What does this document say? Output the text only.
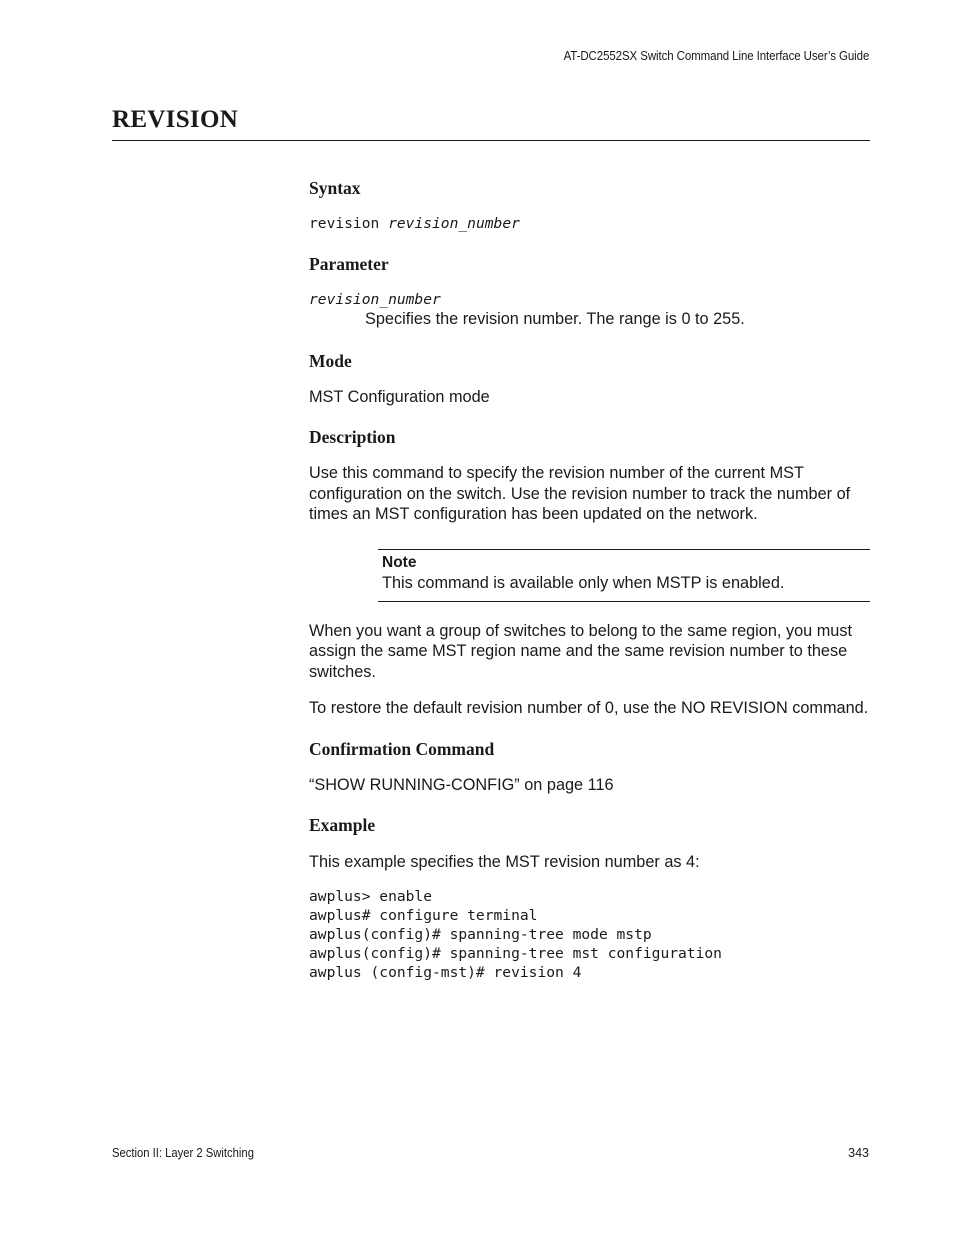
AT-DC2552SX Switch Command Line Interface User’s Guide
REVISION

Syntax

revision revision_number

Parameter

revision_number

Specifies the revision number. The range is 0 to 255.

Mode

MST Configuration mode

Description

Use this command to specify the revision number of the current MST configuration on the switch. Use the revision number to track the number of times an MST configuration has been updated on the network.

Note
This command is available only when MSTP is enabled.

When you want a group of switches to belong to the same region, you must assign the same MST region name and the same revision number to these switches.

To restore the default revision number of 0, use the NO REVISION command.

Confirmation Command

“SHOW RUNNING-CONFIG” on page 116

Example

This example specifies the MST revision number as 4:

awplus> enable

awplus# configure terminal

awplus(config)# spanning-tree mode mstp

awplus(config)# spanning-tree mst configuration

awplus (config-mst)# revision 4

Section II: Layer 2 Switching	343
